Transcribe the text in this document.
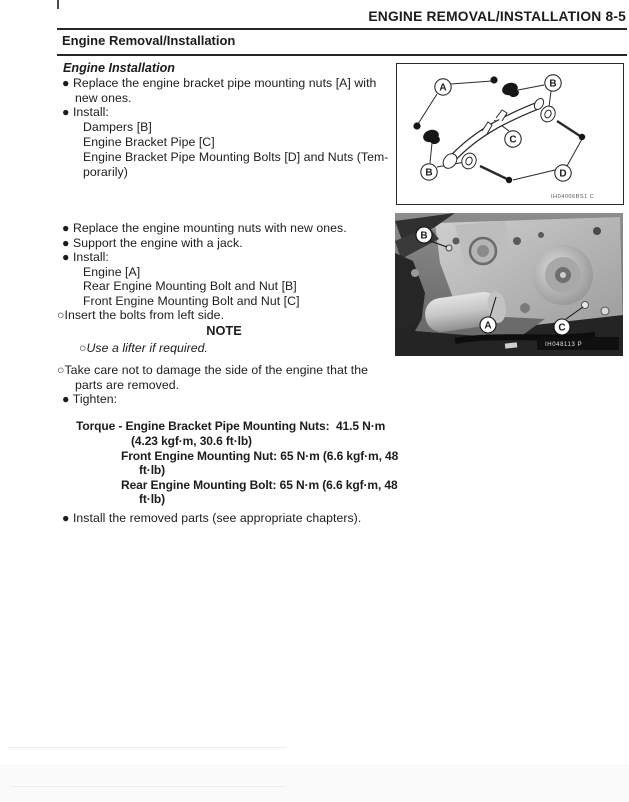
ENGINE REMOVAL/INSTALLATION 8-5
Engine Removal/Installation
Engine Installation
● Replace the engine bracket pipe mounting nuts [A] with
new ones.
● Install:
Dampers [B]
Engine Bracket Pipe [C]
Engine Bracket Pipe Mounting Bolts [D] and Nuts (Tem-
porarily)
● Replace the engine mounting nuts with new ones.
● Support the engine with a jack.
● Install:
Engine [A]
Rear Engine Mounting Bolt and Nut [B]
Front Engine Mounting Bolt and Nut [C]
○Insert the bolts from left side.
NOTE
○Use a lifter if required.
○Take care not to damage the side of the engine that the
parts are removed.
● Tighten:
Torque - Engine Bracket Pipe Mounting Nuts:  41.5 N·m
(4.23 kgf·m, 30.6 ft·lb)
Front Engine Mounting Nut: 65 N·m (6.6 kgf·m, 48
ft·lb)
Rear Engine Mounting Bolt: 65 N·m (6.6 kgf·m, 48
ft·lb)
● Install the removed parts (see appropriate chapters).
A	B
B
C
D
IH04006BS1 C
B
A	C
IH048113 P
